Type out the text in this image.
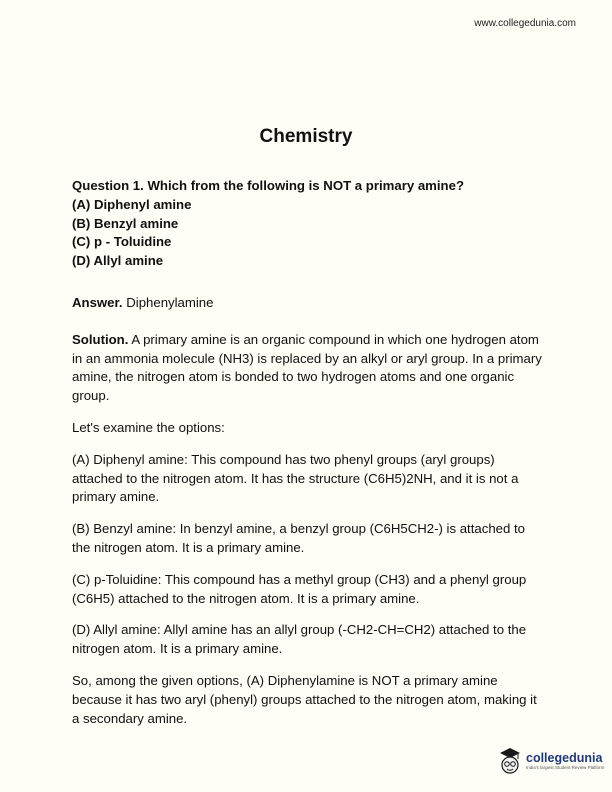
www.collegedunia.com
Chemistry
Question 1. Which from the following is NOT a primary amine?
(A) Diphenyl amine
(B) Benzyl amine
(C) p - Toluidine
(D) Allyl amine

Answer. Diphenylamine

Solution. A primary amine is an organic compound in which one hydrogen atom in an ammonia molecule (NH3) is replaced by an alkyl or aryl group. In a primary amine, the nitrogen atom is bonded to two hydrogen atoms and one organic group.

Let's examine the options:

(A) Diphenyl amine: This compound has two phenyl groups (aryl groups) attached to the nitrogen atom. It has the structure (C6H5)2NH, and it is not a primary amine.

(B) Benzyl amine: In benzyl amine, a benzyl group (C6H5CH2-) is attached to the nitrogen atom. It is a primary amine.

(C) p-Toluidine: This compound has a methyl group (CH3) and a phenyl group (C6H5) attached to the nitrogen atom. It is a primary amine.

(D) Allyl amine: Allyl amine has an allyl group (-CH2-CH=CH2) attached to the nitrogen atom. It is a primary amine.

So, among the given options, (A) Diphenylamine is NOT a primary amine because it has two aryl (phenyl) groups attached to the nitrogen atom, making it a secondary amine.

collegedunia
India's largest Student Review Platform
